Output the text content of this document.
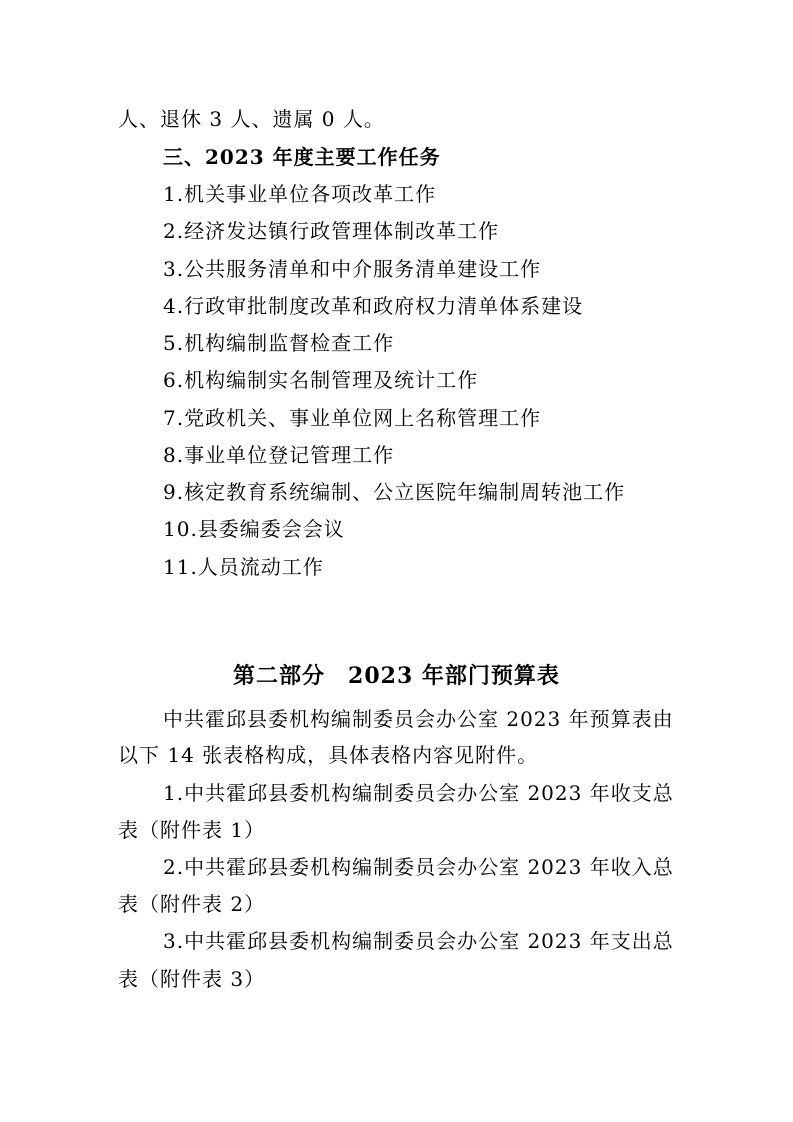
人、退休 3 人、遗属 0 人。
三、2023 年度主要工作任务
1.机关事业单位各项改革工作
2.经济发达镇行政管理体制改革工作
3.公共服务清单和中介服务清单建设工作
4.行政审批制度改革和政府权力清单体系建设
5.机构编制监督检查工作
6.机构编制实名制管理及统计工作
7.党政机关、事业单位网上名称管理工作
8.事业单位登记管理工作
9.核定教育系统编制、公立医院年编制周转池工作
10.县委编委会会议
11.人员流动工作
第二部分　2023 年部门预算表
中共霍邱县委机构编制委员会办公室 2023 年预算表由
以下 14 张表格构成，具体表格内容见附件。
1.中共霍邱县委机构编制委员会办公室 2023 年收支总
表（附件表 1）
2.中共霍邱县委机构编制委员会办公室 2023 年收入总
表（附件表 2）
3.中共霍邱县委机构编制委员会办公室 2023 年支出总
表（附件表 3）
